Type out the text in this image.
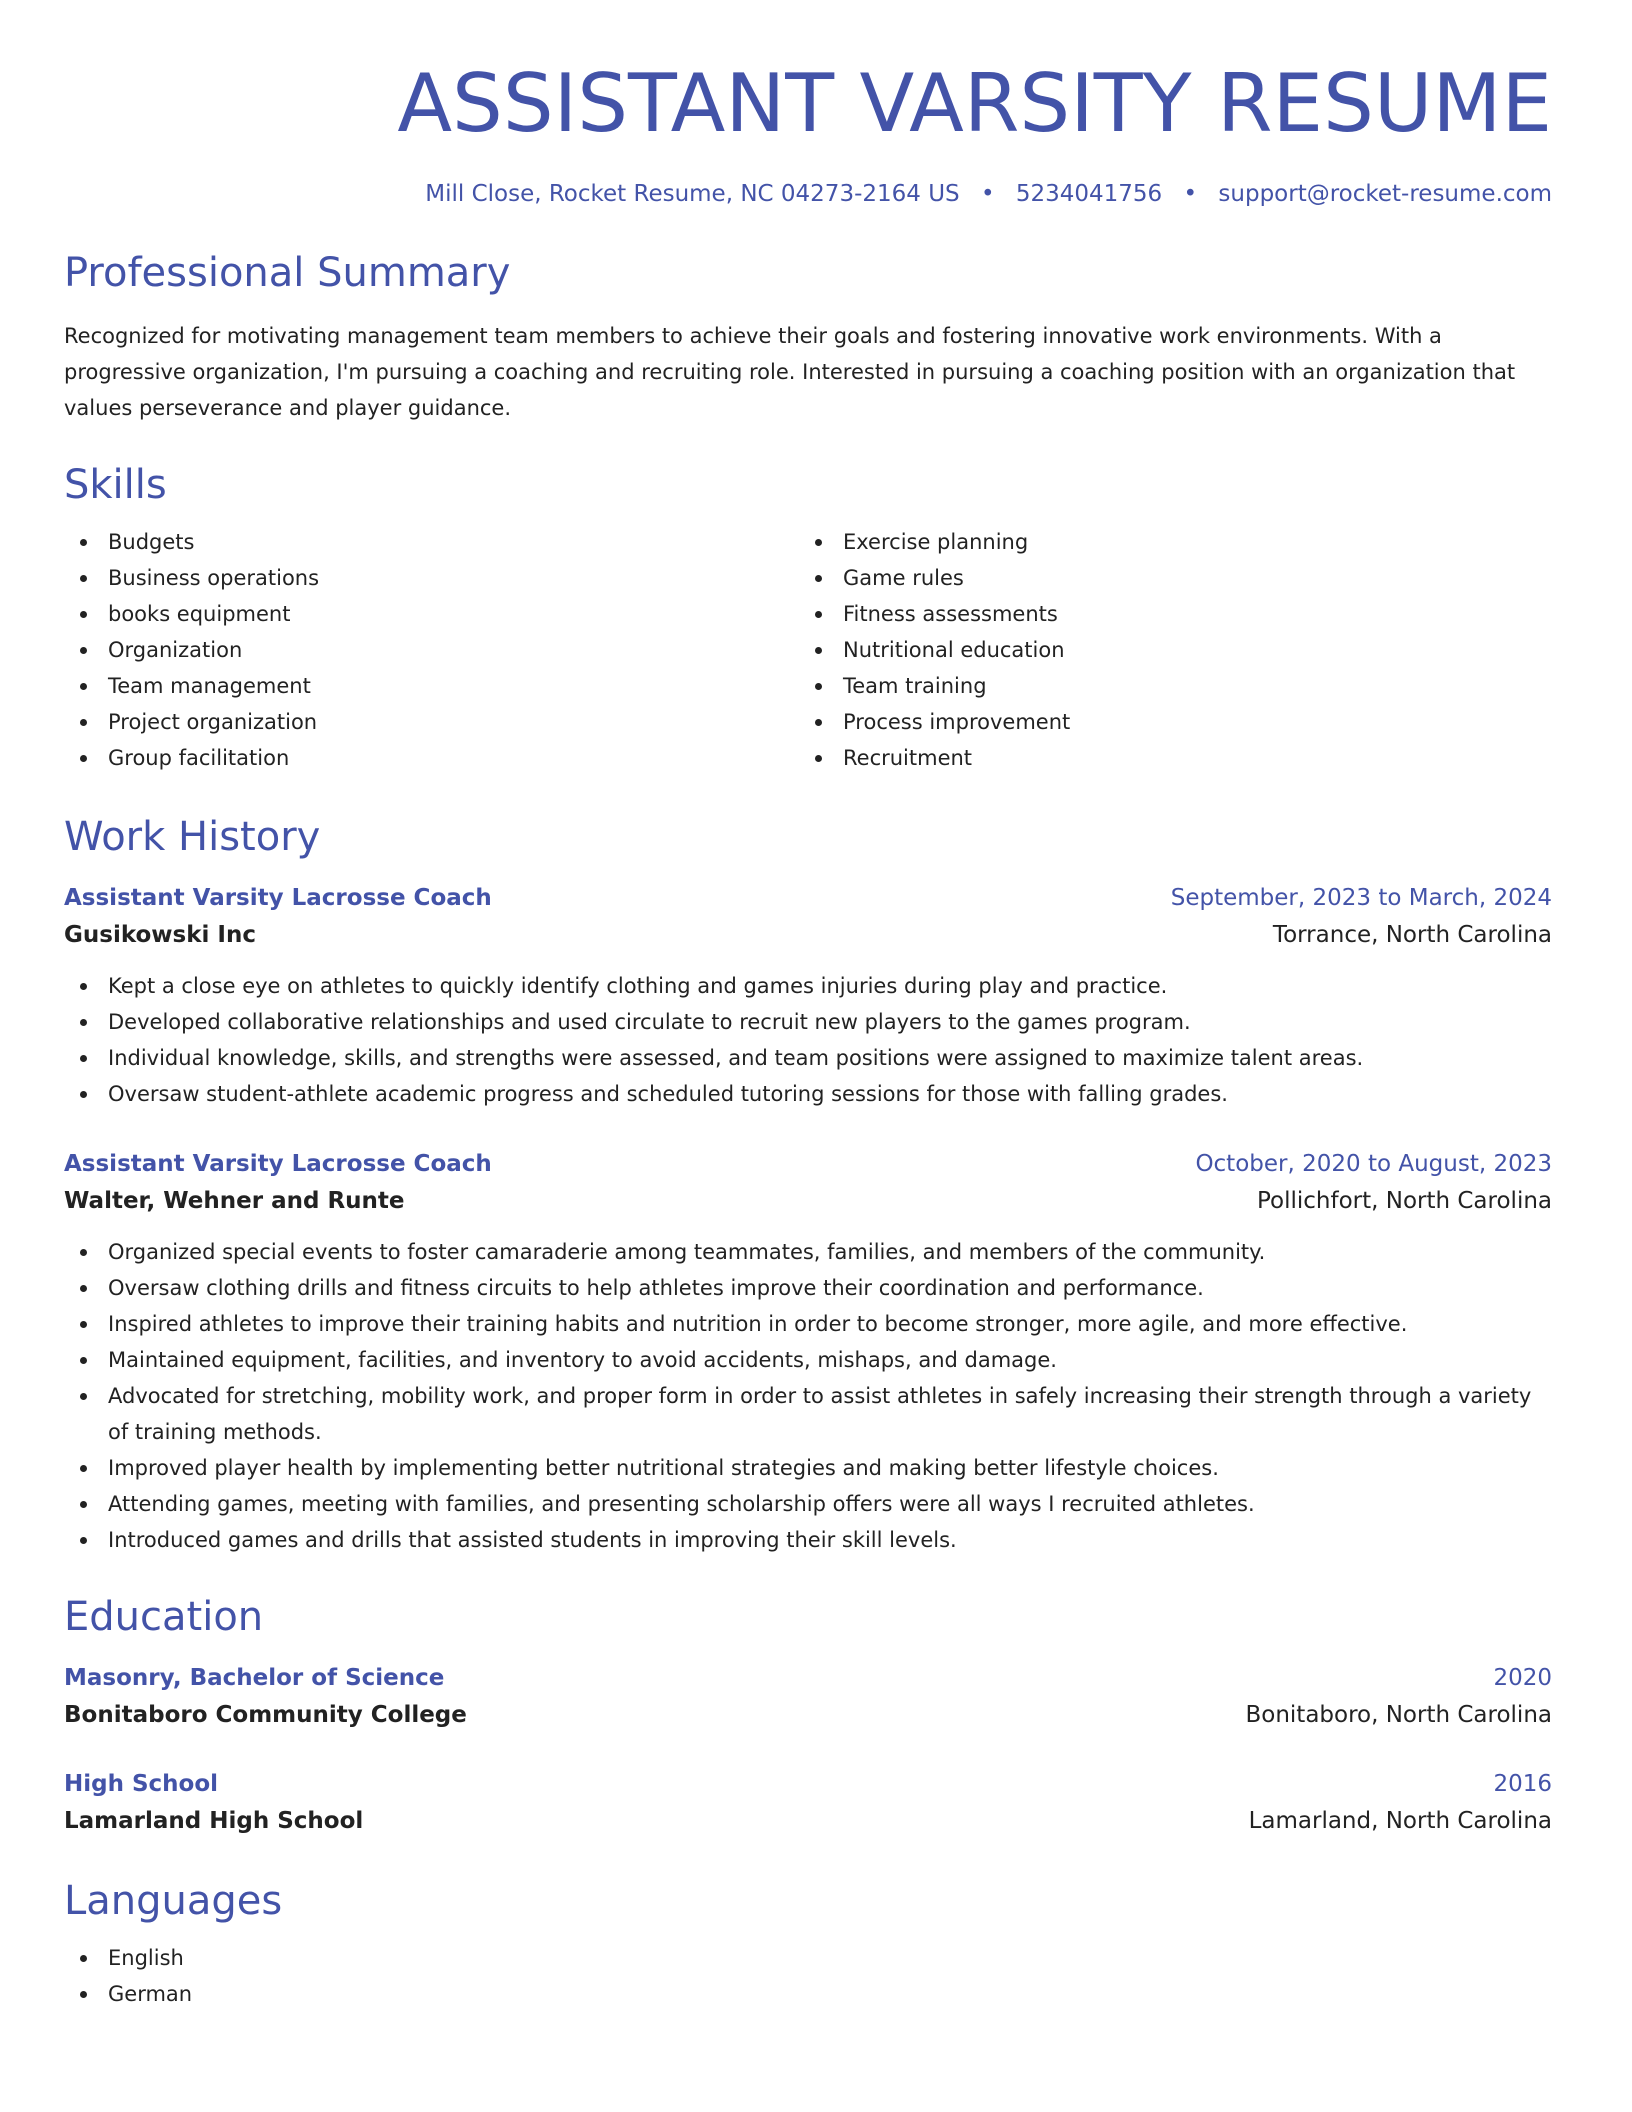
ASSISTANT VARSITY RESUME
Mill Close, Rocket Resume, NC 04273-2164 US • 5234041756 • support@rocket-resume.com
Professional Summary

Recognized for motivating management team members to achieve their goals and fostering innovative work environments. With a progressive organization, I'm pursuing a coaching and recruiting role. Interested in pursuing a coaching position with an organization that values perseverance and player guidance.

Skills
Budgets
Business operations
books equipment
Organization
Team management
Project organization
Group facilitation
Exercise planning
Game rules
Fitness assessments
Nutritional education
Team training
Process improvement
Recruitment
Work History
Assistant Varsity Lacrosse Coach	September, 2023 to March, 2024
Gusikowski Inc	Torrance, North Carolina
Kept a close eye on athletes to quickly identify clothing and games injuries during play and practice.
Developed collaborative relationships and used circulate to recruit new players to the games program.
Individual knowledge, skills, and strengths were assessed, and team positions were assigned to maximize talent areas.
Oversaw student-athlete academic progress and scheduled tutoring sessions for those with falling grades.
Assistant Varsity Lacrosse Coach	October, 2020 to August, 2023
Walter, Wehner and Runte	Pollichfort, North Carolina
Organized special events to foster camaraderie among teammates, families, and members of the community.
Oversaw clothing drills and fitness circuits to help athletes improve their coordination and performance.
Inspired athletes to improve their training habits and nutrition in order to become stronger, more agile, and more effective.
Maintained equipment, facilities, and inventory to avoid accidents, mishaps, and damage.
Advocated for stretching, mobility work, and proper form in order to assist athletes in safely increasing their strength through a variety of training methods.
Improved player health by implementing better nutritional strategies and making better lifestyle choices.
Attending games, meeting with families, and presenting scholarship offers were all ways I recruited athletes.
Introduced games and drills that assisted students in improving their skill levels.
Education
Masonry, Bachelor of Science	2020
Bonitaboro Community College	Bonitaboro, North Carolina
High School	2016
Lamarland High School	Lamarland, North Carolina
Languages
English
German
